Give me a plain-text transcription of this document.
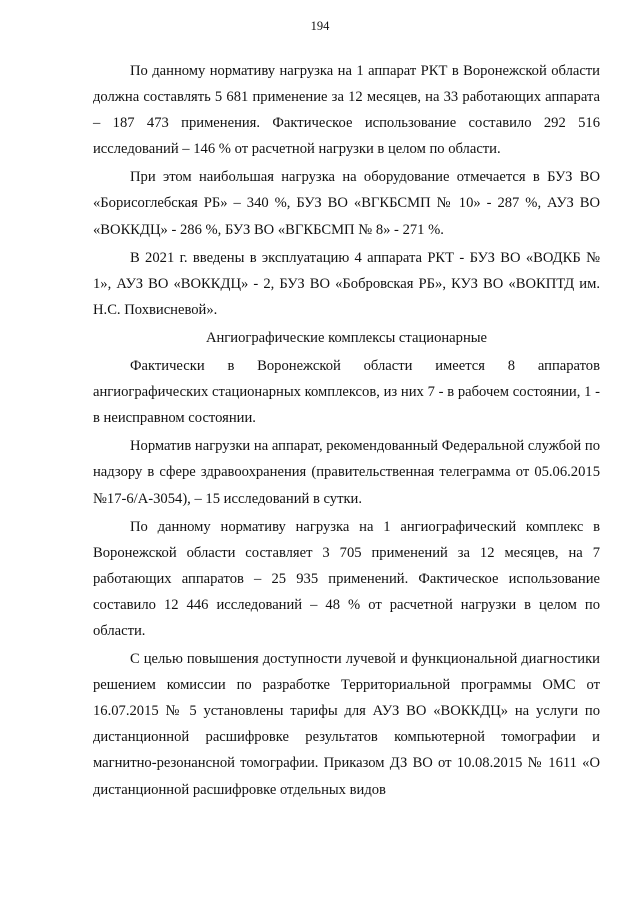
194

По данному нормативу нагрузка на 1 аппарат РКТ в Воронежской области должна составлять 5 681 применение за 12 месяцев, на 33 работающих аппарата – 187 473 применения. Фактическое использование составило 292 516 исследований – 146 % от расчетной нагрузки в целом по области.

При этом наибольшая нагрузка на оборудование отмечается в БУЗ ВО «Борисоглебская РБ» – 340 %, БУЗ ВО «ВГКБСМП № 10» - 287 %, АУЗ ВО «ВОККДЦ» - 286 %, БУЗ ВО «ВГКБСМП № 8» - 271 %.

В 2021 г. введены в эксплуатацию 4 аппарата РКТ - БУЗ ВО «ВОДКБ № 1», АУЗ ВО «ВОККДЦ» - 2, БУЗ ВО «Бобровская РБ», КУЗ ВО «ВОКПТД им. Н.С. Похвисневой».

Ангиографические комплексы стационарные

Фактически в Воронежской области имеется 8 аппаратов ангиографических стационарных комплексов, из них 7 - в рабочем состоянии, 1 - в неисправном состоянии.

Норматив нагрузки на аппарат, рекомендованный Федеральной службой по надзору в сфере здравоохранения (правительственная телеграмма от 05.06.2015 №17-6/А-3054), – 15 исследований в сутки.

По данному нормативу нагрузка на 1 ангиографический комплекс в Воронежской области составляет 3 705 применений за 12 месяцев, на 7 работающих аппаратов – 25 935 применений. Фактическое использование составило 12 446 исследований – 48 % от расчетной нагрузки в целом по области.

С целью повышения доступности лучевой и функциональной диагностики решением комиссии по разработке Территориальной программы ОМС от 16.07.2015 № 5 установлены тарифы для АУЗ ВО «ВОККДЦ» на услуги по дистанционной расшифровке результатов компьютерной томографии и магнитно-резонансной томографии. Приказом ДЗ ВО от 10.08.2015 № 1611 «О дистанционной расшифровке отдельных видов
